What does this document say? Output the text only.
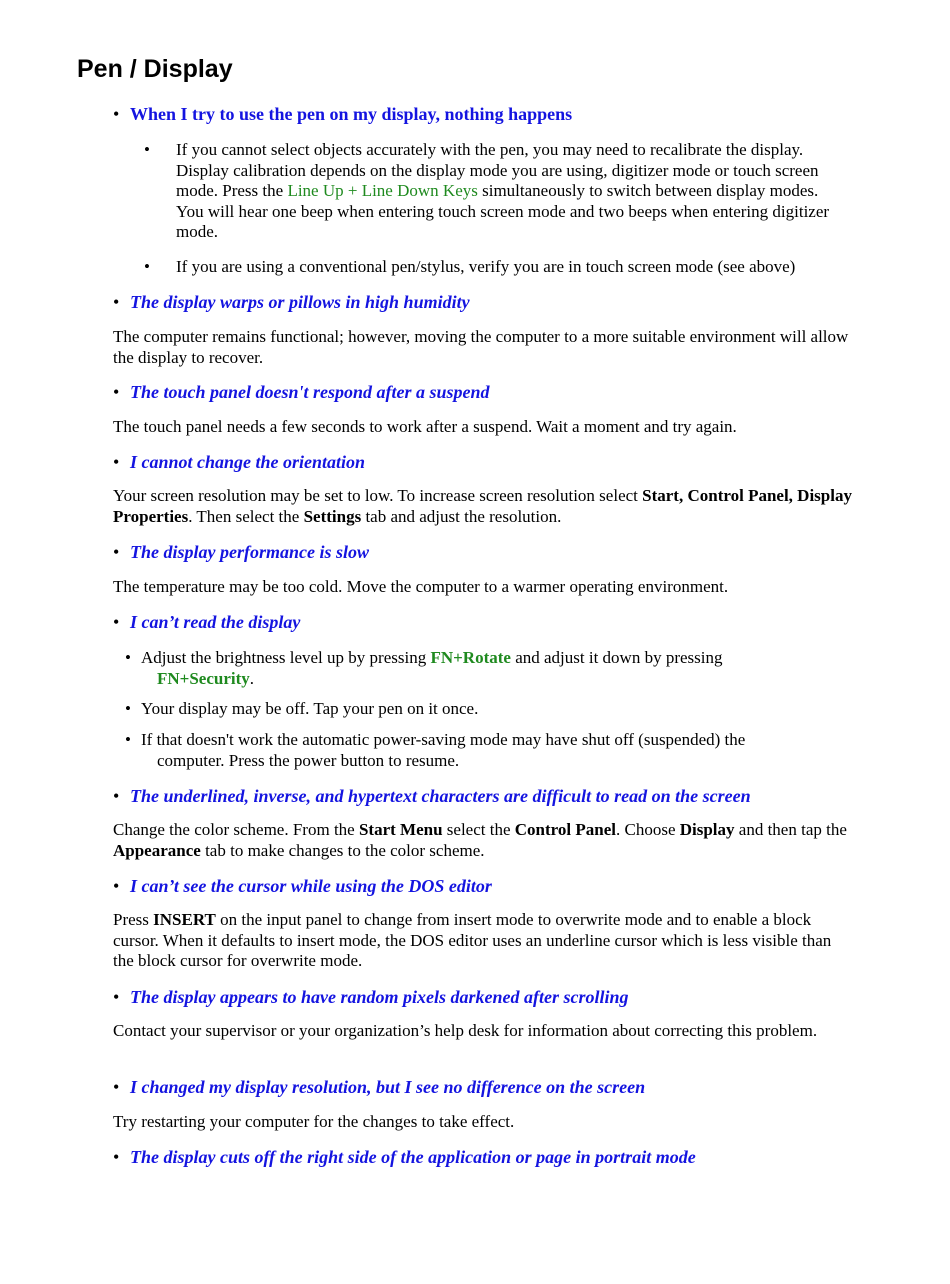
Pen / Display
• When I try to use the pen on my display, nothing happens
• If you cannot select objects accurately with the pen, you may need to recalibrate the display. Display calibration depends on the display mode you are using, digitizer mode or touch screen mode. Press the Line Up + Line Down Keys simultaneously to switch between display modes. You will hear one beep when entering touch screen mode and two beeps when entering digitizer mode.
• If you are using a conventional pen/stylus, verify you are in touch screen mode (see above)
• The display warps or pillows in high humidity

The computer remains functional; however, moving the computer to a more suitable environment will allow the display to recover.

• The touch panel doesn't respond after a suspend

The touch panel needs a few seconds to work after a suspend. Wait a moment and try again.

• I cannot change the orientation

Your screen resolution may be set to low. To increase screen resolution select Start, Control Panel, Display Properties. Then select the Settings tab and adjust the resolution.

• The display performance is slow

The temperature may be too cold. Move the computer to a warmer operating environment.

• I can’t read the display
• Adjust the brightness level up by pressing FN+Rotate and adjust it down by pressing
FN+Security.
• Your display may be off. Tap your pen on it once.
• If that doesn't work the automatic power-saving mode may have shut off (suspended) the
computer. Press the power button to resume.
• The underlined, inverse, and hypertext characters are difficult to read on the screen

Change the color scheme. From the Start Menu select the Control Panel. Choose Display and then tap the Appearance tab to make changes to the color scheme.

• I can’t see the cursor while using the DOS editor

Press INSERT on the input panel to change from insert mode to overwrite mode and to enable a block cursor. When it defaults to insert mode, the DOS editor uses an underline cursor which is less visible than the block cursor for overwrite mode.

• The display appears to have random pixels darkened after scrolling

Contact your supervisor or your organization’s help desk for information about correcting this problem.

• I changed my display resolution, but I see no difference on the screen

Try restarting your computer for the changes to take effect.

• The display cuts off the right side of the application or page in portrait mode
